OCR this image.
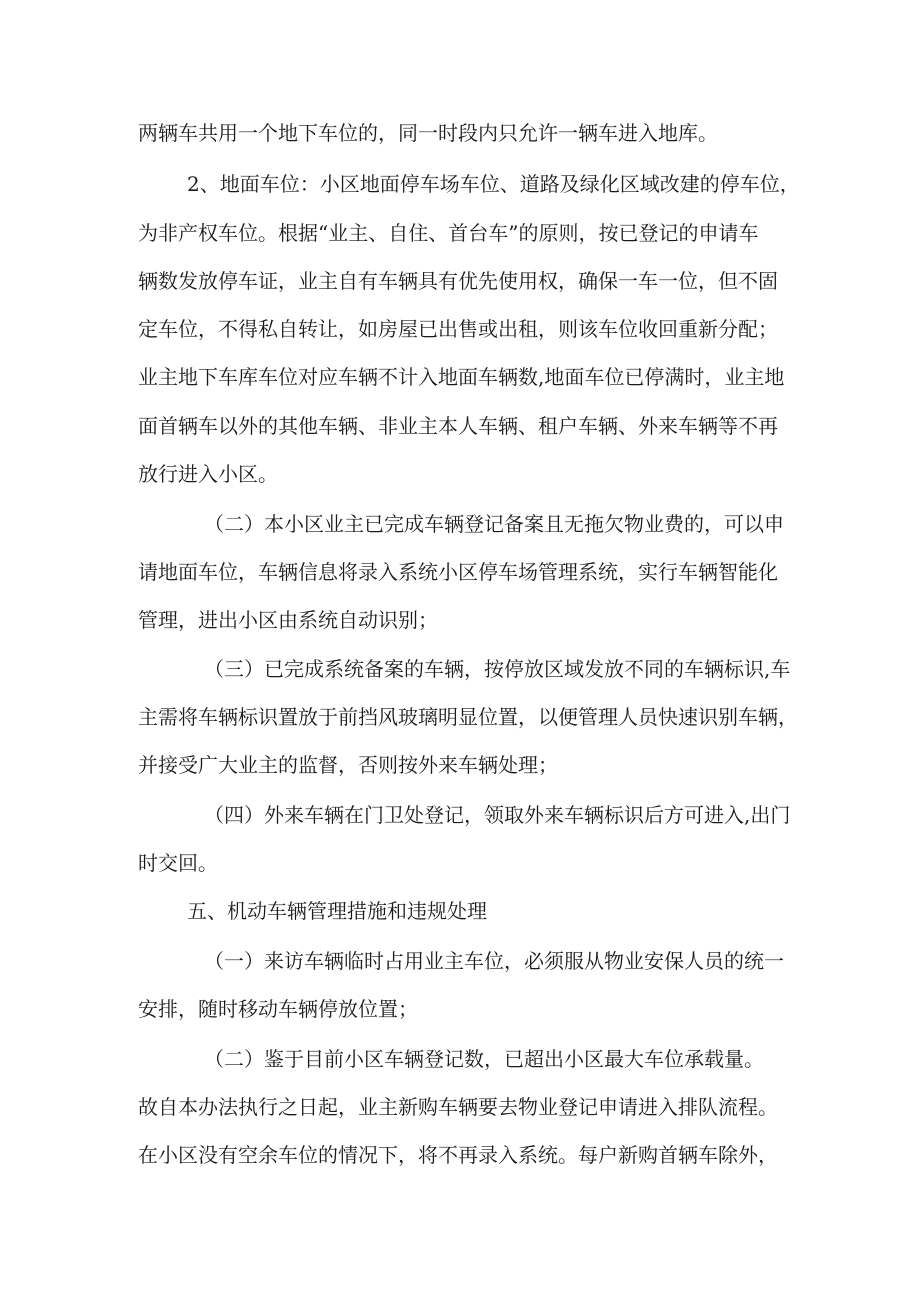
两辆车共用一个地下车位的，同一时段内只允许一辆车进入地库。
2、地面车位：小区地面停车场车位、道路及绿化区域改建的停车位，
为非产权车位。根据“业主、自住、首台车”的原则，按已登记的申请车
辆数发放停车证，业主自有车辆具有优先使用权，确保一车一位，但不固
定车位，不得私自转让，如房屋已出售或出租，则该车位收回重新分配；
业主地下车库车位对应车辆不计入地面车辆数,地面车位已停满时，业主地
面首辆车以外的其他车辆、非业主本人车辆、租户车辆、外来车辆等不再
放行进入小区。
（二）本小区业主已完成车辆登记备案且无拖欠物业费的，可以申
请地面车位，车辆信息将录入系统小区停车场管理系统，实行车辆智能化
管理，进出小区由系统自动识别；
（三）已完成系统备案的车辆，按停放区域发放不同的车辆标识,车
主需将车辆标识置放于前挡风玻璃明显位置，以便管理人员快速识别车辆，
并接受广大业主的监督，否则按外来车辆处理；
（四）外来车辆在门卫处登记，领取外来车辆标识后方可进入,出门
时交回。
五、机动车辆管理措施和违规处理
（一）来访车辆临时占用业主车位，必须服从物业安保人员的统一
安排，随时移动车辆停放位置；
（二）鉴于目前小区车辆登记数，已超出小区最大车位承载量。
故自本办法执行之日起，业主新购车辆要去物业登记申请进入排队流程。
在小区没有空余车位的情况下，将不再录入系统。每户新购首辆车除外，
